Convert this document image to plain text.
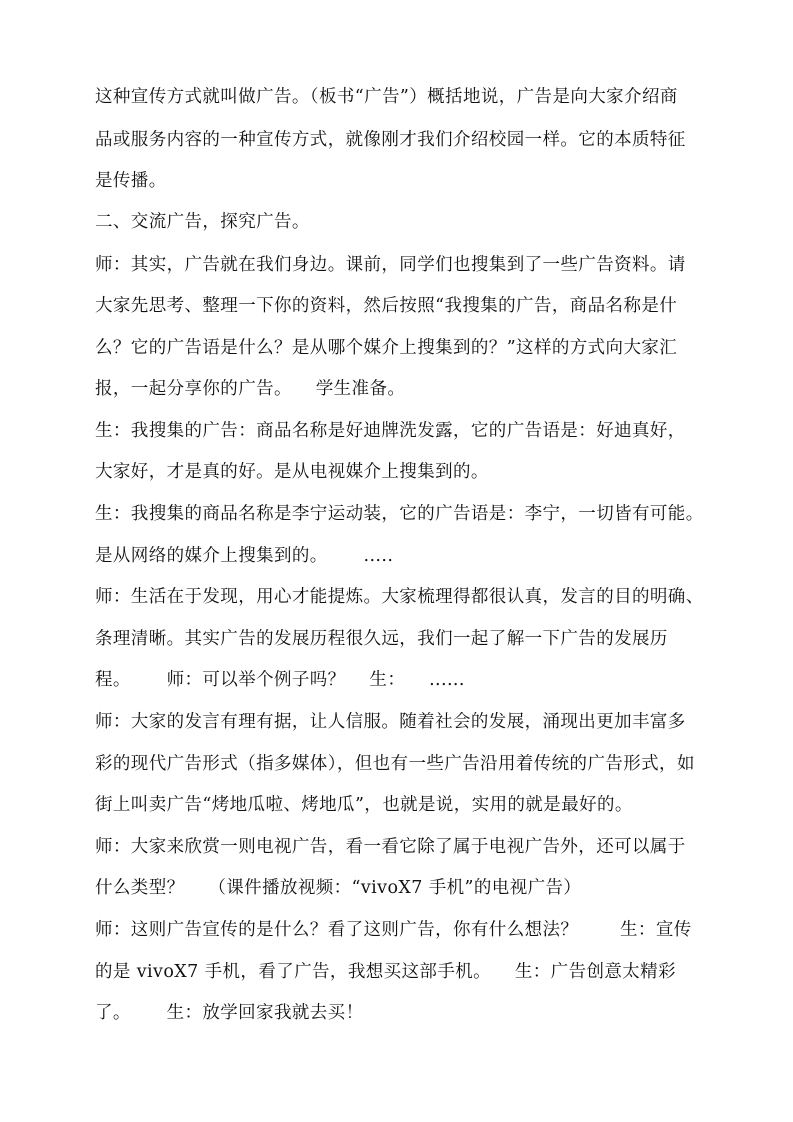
这种宣传方式就叫做广告。（板书“广告”）概括地说，广告是向大家介绍商
品或服务内容的一种宣传方式，就像刚才我们介绍校园一样。它的本质特征
是传播。
二、交流广告，探究广告。
师：其实，广告就在我们身边。课前，同学们也搜集到了一些广告资料。请
大家先思考、整理一下你的资料，然后按照“我搜集的广告，商品名称是什
么？它的广告语是什么？是从哪个媒介上搜集到的？”这样的方式向大家汇
报，一起分享你的广告。    学生准备。
生：我搜集的广告：商品名称是好迪牌洗发露，它的广告语是：好迪真好，
大家好，才是真的好。是从电视媒介上搜集到的。
生：我搜集的商品名称是李宁运动装，它的广告语是：李宁，一切皆有可能。
是从网络的媒介上搜集到的。      .....
师：生活在于发现，用心才能提炼。大家梳理得都很认真，发言的目的明确、
条理清晰。其实广告的发展历程很久远，我们一起了解一下广告的发展历
程。      师：可以举个例子吗？    生：    ......
师：大家的发言有理有据，让人信服。随着社会的发展，涌现出更加丰富多
彩的现代广告形式（指多媒体），但也有一些广告沿用着传统的广告形式，如
街上叫卖广告“烤地瓜啦、烤地瓜”，也就是说，实用的就是最好的。
师：大家来欣赏一则电视广告，看一看它除了属于电视广告外，还可以属于
什么类型？    （课件播放视频：“vivoX7 手机”的电视广告）
师：这则广告宣传的是什么？看了这则广告，你有什么想法？       生：宣传
的是 vivoX7 手机，看了广告，我想买这部手机。    生：广告创意太精彩
了。      生：放学回家我就去买！
